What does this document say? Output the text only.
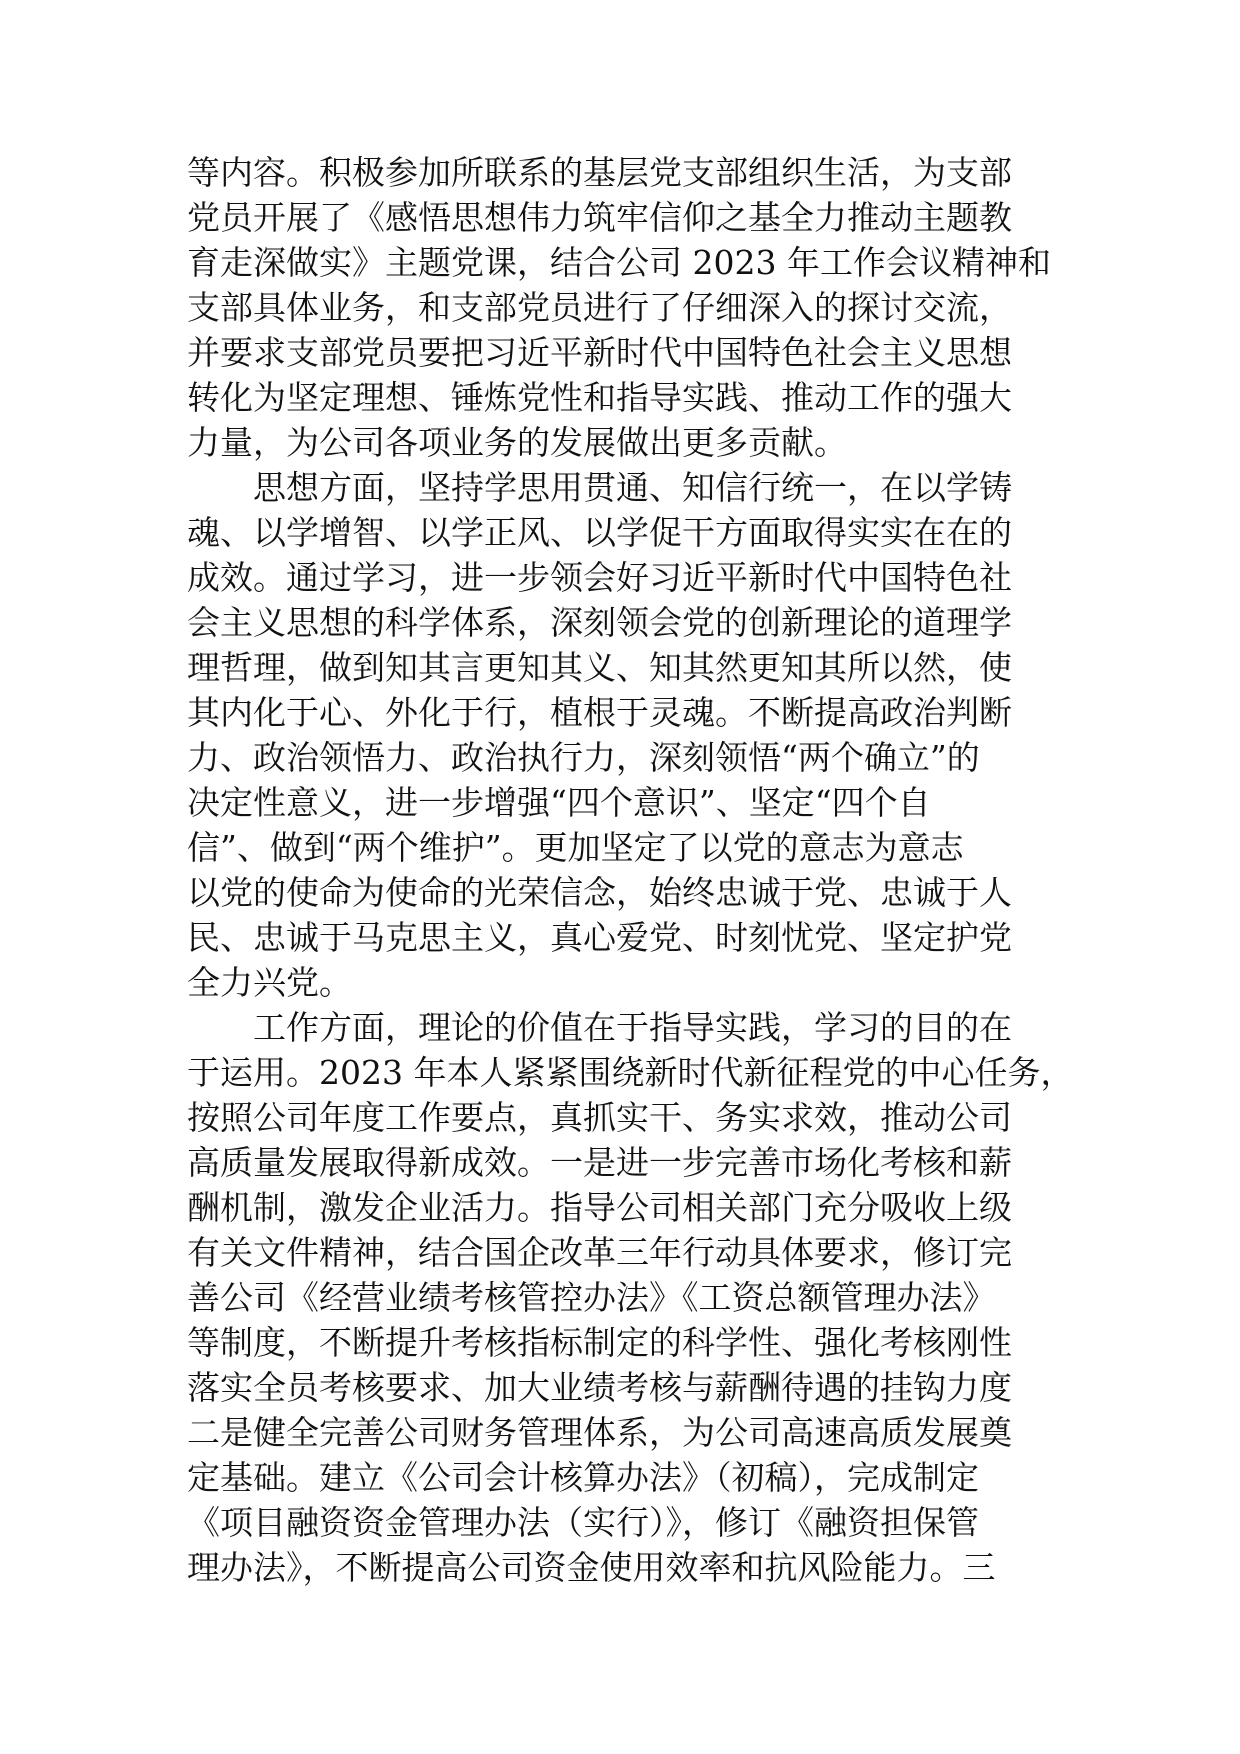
等内容。积极参加所联系的基层党支部组织生活，为支部
党员开展了《感悟思想伟力筑牢信仰之基全力推动主题教
育走深做实》主题党课，结合公司 2023 年工作会议精神和
支部具体业务，和支部党员进行了仔细深入的探讨交流，
并要求支部党员要把习近平新时代中国特色社会主义思想
转化为坚定理想、锤炼党性和指导实践、推动工作的强大
力量，为公司各项业务的发展做出更多贡献。
思想方面，坚持学思用贯通、知信行统一，在以学铸
魂、以学增智、以学正风、以学促干方面取得实实在在的
成效。通过学习，进一步领会好习近平新时代中国特色社
会主义思想的科学体系，深刻领会党的创新理论的道理学
理哲理，做到知其言更知其义、知其然更知其所以然，使
其内化于心、外化于行，植根于灵魂。不断提高政治判断
力、政治领悟力、政治执行力，深刻领悟“两个确立”的
决定性意义，进一步增强“四个意识”、坚定“四个自
信”、做到“两个维护”。更加坚定了以党的意志为意志
以党的使命为使命的光荣信念，始终忠诚于党、忠诚于人
民、忠诚于马克思主义，真心爱党、时刻忧党、坚定护党
全力兴党。
工作方面，理论的价值在于指导实践，学习的目的在
于运用。2023 年本人紧紧围绕新时代新征程党的中心任务，
按照公司年度工作要点，真抓实干、务实求效，推动公司
高质量发展取得新成效。一是进一步完善市场化考核和薪
酬机制，激发企业活力。指导公司相关部门充分吸收上级
有关文件精神，结合国企改革三年行动具体要求，修订完
善公司《经营业绩考核管控办法》《工资总额管理办法》
等制度，不断提升考核指标制定的科学性、强化考核刚性
落实全员考核要求、加大业绩考核与薪酬待遇的挂钩力度
二是健全完善公司财务管理体系，为公司高速高质发展奠
定基础。建立《公司会计核算办法》（初稿），完成制定
《项目融资资金管理办法（实行）》，修订《融资担保管
理办法》，不断提高公司资金使用效率和抗风险能力。三
